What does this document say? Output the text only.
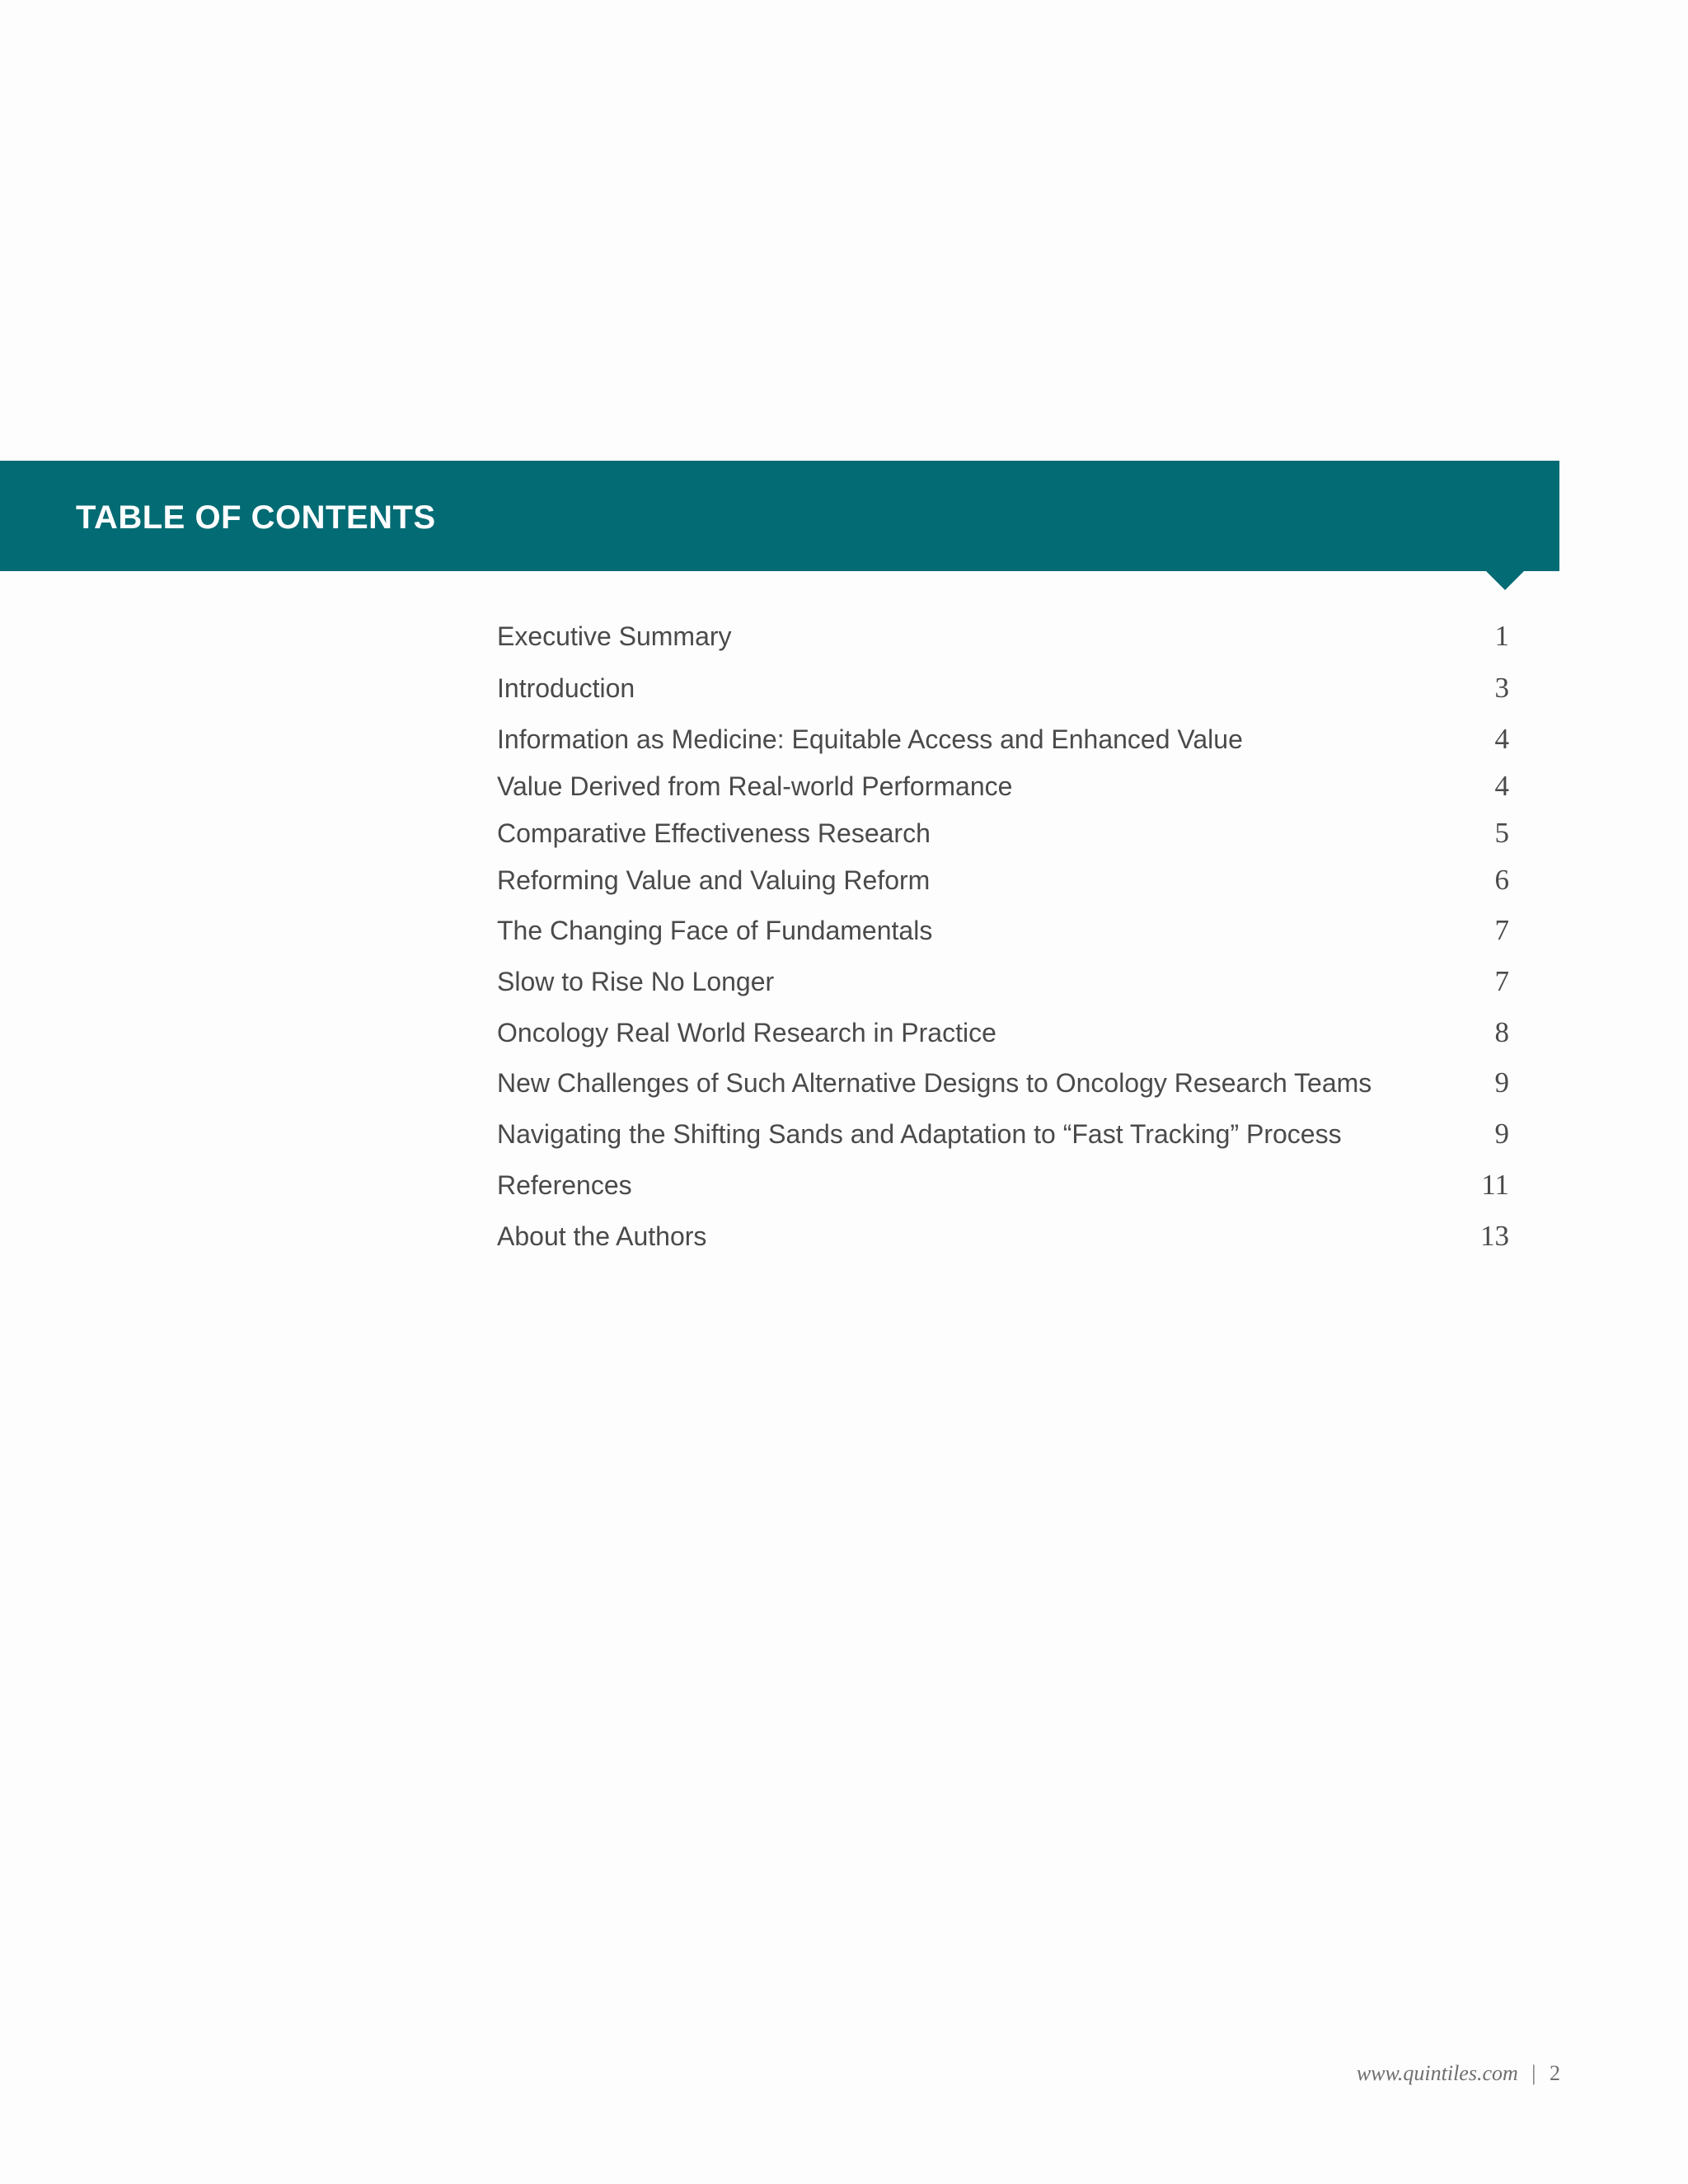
TABLE OF CONTENTS
Executive Summary	1
Introduction	3
Information as Medicine: Equitable Access and Enhanced Value	4
Value Derived from Real-world Performance	4
Comparative Effectiveness Research	5
Reforming Value and Valuing Reform	6
The Changing Face of Fundamentals	7
Slow to Rise No Longer	7
Oncology Real World Research in Practice	8
New Challenges of Such Alternative Designs to Oncology Research Teams	9
Navigating the Shifting Sands and Adaptation to “Fast Tracking” Process	9
References	11
About the Authors	13
www.quintiles.com | 2
